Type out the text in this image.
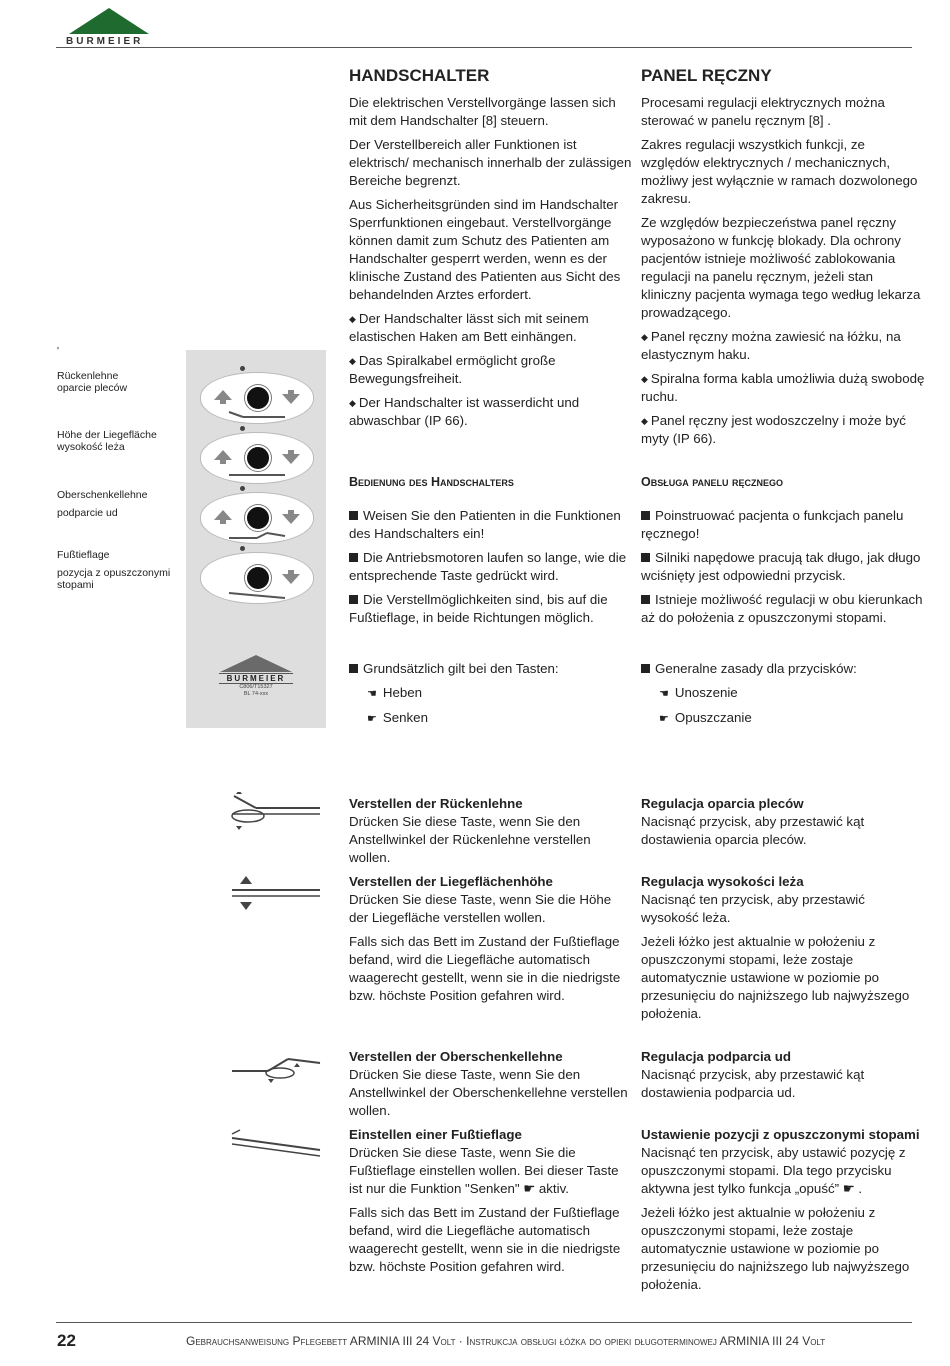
BURMEIER
HANDSCHALTER

Die elektrischen Verstellvorgänge lassen sich mit dem Handschalter [8] steuern.

Der Verstellbereich aller Funktionen ist elektrisch/ mechanisch innerhalb der zulässigen Bereiche begrenzt.

Aus Sicherheitsgründen sind im Handschalter Sperrfunktionen eingebaut. Verstellvorgänge können damit zum Schutz des Patienten am Handschalter gesperrt werden, wenn es der klinische Zustand des Patienten aus Sicht des behandelnden Arztes erfordert.

◆ Der Handschalter lässt sich mit seinem elastischen Haken am Bett einhängen.

◆ Das Spiralkabel ermöglicht große Bewegungsfreiheit.

◆ Der Handschalter ist wasserdicht und abwaschbar (IP 66).

PANEL RĘCZNY

Procesami regulacji elektrycznych można sterować w panelu ręcznym [8] .

Zakres regulacji wszystkich funkcji, ze względów elektrycznych / mechanicznych, możliwy jest wyłącznie w ramach dozwolonego zakresu.

Ze względów bezpieczeństwa panel ręczny wyposażono w funkcję blokady. Dla ochrony pacjentów istnieje możliwość zablokowania regulacji na panelu ręcznym, jeżeli stan kliniczny pacjenta wymaga tego według lekarza prowadzącego.

◆ Panel ręczny można zawiesić na łóżku, na elastycznym haku.

◆ Spiralna forma kabla umożliwia dużą swobodę ruchu.

◆ Panel ręczny jest wodoszczelny i może być myty (IP 66).

Bedienung des Handschalters	Obsługa panelu ręcznego

Weisen Sie den Patienten in die Funktionen des Handschalters ein!

Die Antriebsmotoren laufen so lange, wie die entsprechende Taste gedrückt wird.

Die Verstellmöglichkeiten sind, bis auf die Fußtieflage, in beide Richtungen möglich.

Poinstruować pacjenta o funkcjach panelu ręcznego!

Silniki napędowe pracują tak długo, jak długo wciśnięty jest odpowiedni przycisk.

Istnieje możliwość regulacji w obu kierunkach aż do położenia z opuszczonymi stopami.

Grundsätzlich gilt bei den Tasten:
☚ Heben
☛ Senken
Generalne zasady dla przycisków:
☚ Unoszenie
☛ Opuszczanie
'
Rückenlehne
oparcie pleców
Höhe der Liegefläche
wysokość leża
Oberschenkellehne
podparcie ud
Fußtieflage
pozycja z opuszczonymi stopami
BURMEIER
C806/T15327
BL 74-xxx
Verstellen der Rückenlehne

Drücken Sie diese Taste, wenn Sie den Anstellwinkel der Rückenlehne verstellen wollen.

Verstellen der Liegeflächenhöhe

Drücken Sie diese Taste, wenn Sie die Höhe der Liegefläche verstellen wollen.

Falls sich das Bett im Zustand der Fußtieflage befand, wird die Liegefläche automatisch waagerecht gestellt, wenn sie in die niedrigste bzw. höchste Position gefahren wird.

Verstellen der Oberschenkellehne

Drücken Sie diese Taste, wenn Sie den Anstellwinkel der Oberschenkellehne verstellen wollen.

Einstellen einer Fußtieflage

Drücken Sie diese Taste, wenn Sie die Fußtieflage einstellen wollen. Bei dieser Taste ist nur die Funktion "Senken" ☛ aktiv.

Falls sich das Bett im Zustand der Fußtieflage befand, wird die Liegefläche automatisch waagerecht gestellt, wenn sie in die niedrigste bzw. höchste Position gefahren wird.

Regulacja oparcia pleców

Nacisnąć przycisk, aby przestawić kąt dostawienia oparcia pleców.

Regulacja wysokości leża

Nacisnąć ten przycisk, aby przestawić wysokość leża.

Jeżeli łóżko jest aktualnie w położeniu z opuszczonymi stopami, leże zostaje automatycznie ustawione w poziomie po przesunięciu do najniższego lub najwyższego położenia.

Regulacja podparcia ud

Nacisnąć przycisk, aby przestawić kąt dostawienia podparcia ud.

Ustawienie pozycji z opuszczonymi stopami

Nacisnąć ten przycisk, aby ustawić pozycję z opuszczonymi stopami. Dla tego przycisku aktywna jest tylko funkcja „opuść” ☛ .

Jeżeli łóżko jest aktualnie w położeniu z opuszczonymi stopami, leże zostaje automatycznie ustawione w poziomie po przesunięciu do najniższego lub najwyższego położenia.

22	Gebrauchsanweisung Pflegebett ARMINIA III 24 Volt · Instrukcja obsługi łóżka do opieki długoterminowej ARMINIA III 24 Volt
